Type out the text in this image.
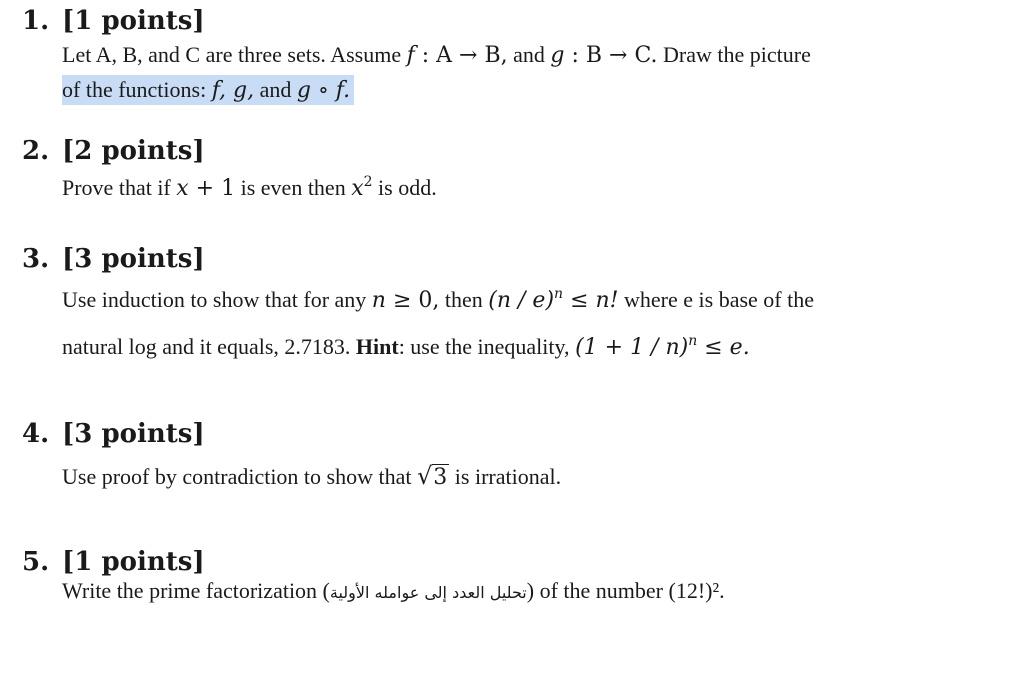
1. [1 points]
Let A, B, and C are three sets. Assume f : A → B, and g : B → C. Draw the picture
of the functions: f, g, and g ∘ f.
2. [2 points]
Prove that if x + 1 is even then $x^2$ is odd.
3. [3 points]
Use induction to show that for any n ≥ 0, then (n / e)$^n$ ≤ n! where e is base of the
natural log and it equals, 2.7183. Hint: use the inequality, $(1 + 1 / n)^n \le e$.
4. [3 points]
Use proof by contradiction to show that √3 is irrational.
5. [1 points]
Write the prime factorization (تحليل العدد إلى عوامله الأولية) of the number (12!)².
